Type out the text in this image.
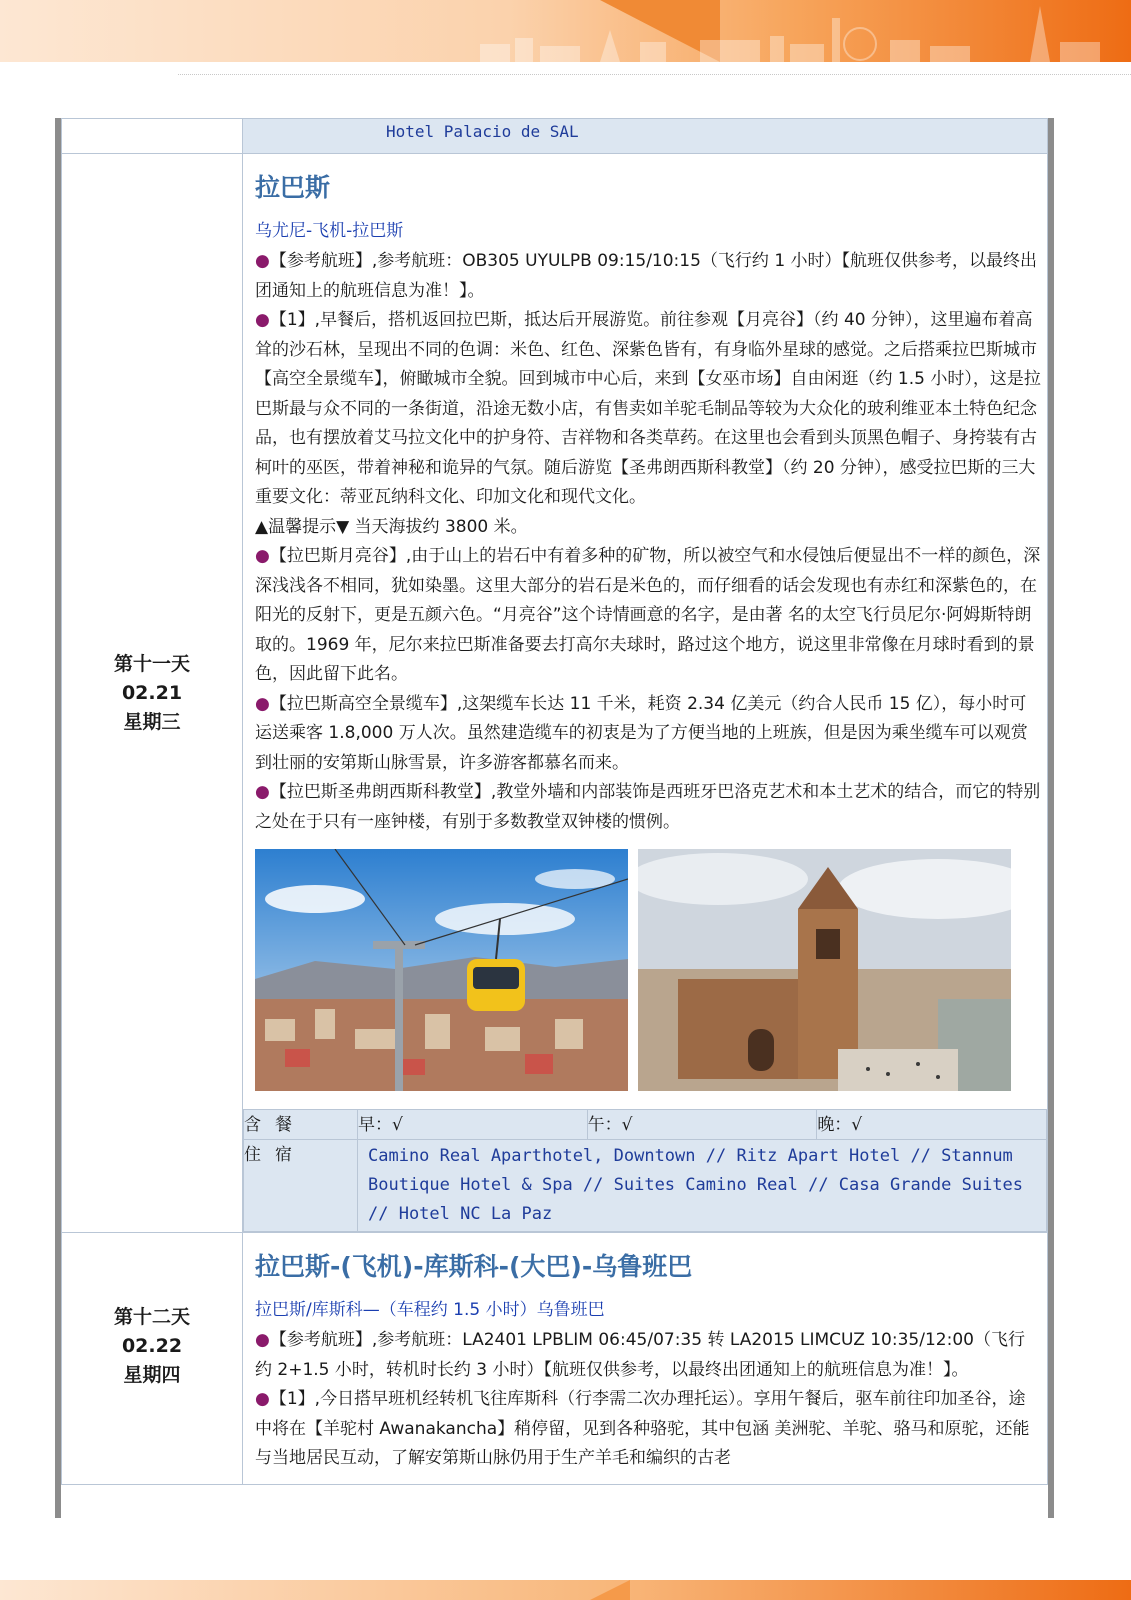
	Hotel Palacio de SAL

第十一天
02.21
星期三

拉巴斯
乌尤尼-飞机-拉巴斯

●【参考航班】,参考航班：OB305 UYULPB 09:15/10:15（飞行约 1 小时）【航班仅供参考，以最终出团通知上的航班信息为准！】。

●【1】,早餐后，搭机返回拉巴斯，抵达后开展游览。前往参观【月亮谷】（约 40 分钟），这里遍布着高耸的沙石林，呈现出不同的色调：米色、红色、深紫色皆有，有身临外星球的感觉。之后搭乘拉巴斯城市【高空全景缆车】，俯瞰城市全貌。回到城市中心后，来到【女巫市场】自由闲逛（约 1.5 小时），这是拉巴斯最与众不同的一条街道，沿途无数小店，有售卖如羊驼毛制品等较为大众化的玻利维亚本土特色纪念品，也有摆放着艾马拉文化中的护身符、吉祥物和各类草药。在这里也会看到头顶黑色帽子、身挎装有古柯叶的巫医，带着神秘和诡异的气氛。随后游览【圣弗朗西斯科教堂】（约 20 分钟），感受拉巴斯的三大重要文化：蒂亚瓦纳科文化、印加文化和现代文化。

▲温馨提示▼ 当天海拔约 3800 米。

●【拉巴斯月亮谷】,由于山上的岩石中有着多种的矿物，所以被空气和水侵蚀后便显出不一样的颜色，深深浅浅各不相同，犹如染墨。这里大部分的岩石是米色的，而仔细看的话会发现也有赤红和深紫色的，在阳光的反射下，更是五颜六色。“月亮谷”这个诗情画意的名字，是由著 名的太空飞行员尼尔·阿姆斯特朗取的。1969 年，尼尔来拉巴斯准备要去打高尔夫球时，路过这个地方，说这里非常像在月球时看到的景色，因此留下此名。

●【拉巴斯高空全景缆车】,这架缆车长达 11 千米，耗资 2.34 亿美元（约合人民币 15 亿），每小时可运送乘客 1.8,000 万人次。虽然建造缆车的初衷是为了方便当地的上班族，但是因为乘坐缆车可以观赏到壮丽的安第斯山脉雪景，许多游客都慕名而来。

●【拉巴斯圣弗朗西斯科教堂】,教堂外墙和内部装饰是西班牙巴洛克艺术和本土艺术的结合，而它的特别之处在于只有一座钟楼，有别于多数教堂双钟楼的惯例。

含餐	早：√	午：√	晚：√
住宿	Camino Real Aparthotel, Downtown // Ritz Apart Hotel // Stannum Boutique Hotel & Spa // Suites Camino Real // Casa Grande Suites // Hotel NC La Paz

第十二天
02.22
星期四

拉巴斯-(飞机)-库斯科-(大巴)-乌鲁班巴
拉巴斯/库斯科—（车程约 1.5 小时）乌鲁班巴

●【参考航班】,参考航班：LA2401 LPBLIM 06:45/07:35 转 LA2015 LIMCUZ 10:35/12:00（飞行约 2+1.5 小时，转机时长约 3 小时）【航班仅供参考，以最终出团通知上的航班信息为准！】。

●【1】,今日搭早班机经转机飞往库斯科（行李需二次办理托运）。享用午餐后，驱车前往印加圣谷，途中将在【羊驼村 Awanakancha】稍停留，见到各种骆驼，其中包涵 美洲驼、羊驼、骆马和原驼，还能与当地居民互动，了解安第斯山脉仍用于生产羊毛和编织的古老
